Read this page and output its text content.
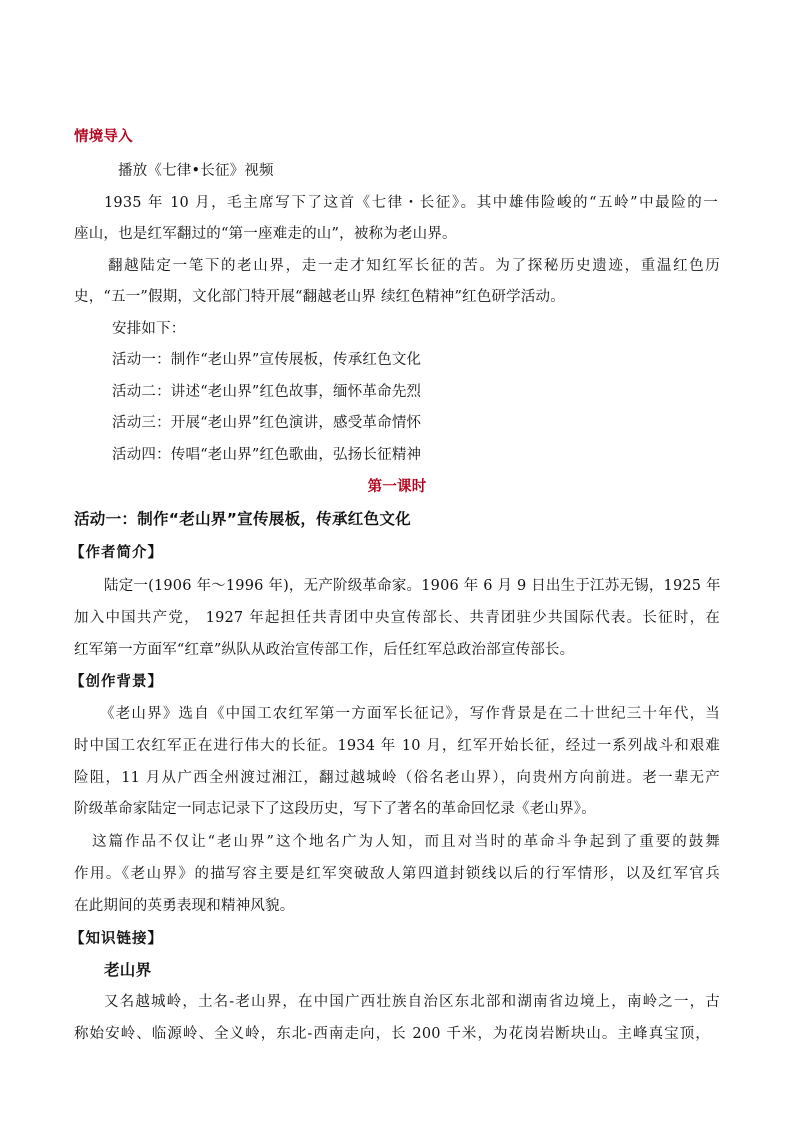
情境导入
播放《七律•长征》视频
1935 年 10 月，毛主席写下了这首《七律・长征》。其中雄伟险峻的“五岭”中最险的一
座山，也是红军翻过的“第一座难走的山”，被称为老山界。
翻越陆定一笔下的老山界，走一走才知红军长征的苦。为了探秘历史遗迹，重温红色历
史，“五一”假期，文化部门特开展“翻越老山界 续红色精神”红色研学活动。
安排如下：
活动一：制作“老山界”宣传展板，传承红色文化
活动二：讲述“老山界”红色故事，缅怀革命先烈
活动三：开展“老山界”红色演讲，感受革命情怀
活动四：传唱“老山界”红色歌曲，弘扬长征精神
第一课时
活动一：制作“老山界”宣传展板，传承红色文化
【作者简介】
陆定一(1906 年～1996 年)，无产阶级革命家。1906 年 6 月 9 日出生于江苏无锡，1925 年
加入中国共产党， 1927 年起担任共青团中央宣传部长、共青团驻少共国际代表。长征时，在
红军第一方面军“红章”纵队从政治宣传部工作，后任红军总政治部宣传部长。
【创作背景】
《老山界》选自《中国工农红军第一方面军长征记》，写作背景是在二十世纪三十年代，当
时中国工农红军正在进行伟大的长征。1934 年 10 月，红军开始长征，经过一系列战斗和艰难
险阻，11 月从广西全州渡过湘江，翻过越城岭（俗名老山界），向贵州方向前进。老一辈无产
阶级革命家陆定一同志记录下了这段历史，写下了著名的革命回忆录《老山界》。
这篇作品不仅让“老山界”这个地名广为人知，而且对当时的革命斗争起到了重要的鼓舞
作用。《老山界》的描写容主要是红军突破敌人第四道封锁线以后的行军情形，以及红军官兵
在此期间的英勇表现和精神风貌。
【知识链接】
老山界
又名越城岭，土名-老山界，在中国广西壮族自治区东北部和湖南省边境上，南岭之一，古
称始安岭、临源岭、全义岭，东北-西南走向，长 200 千米，为花岗岩断块山。主峰真宝顶，
